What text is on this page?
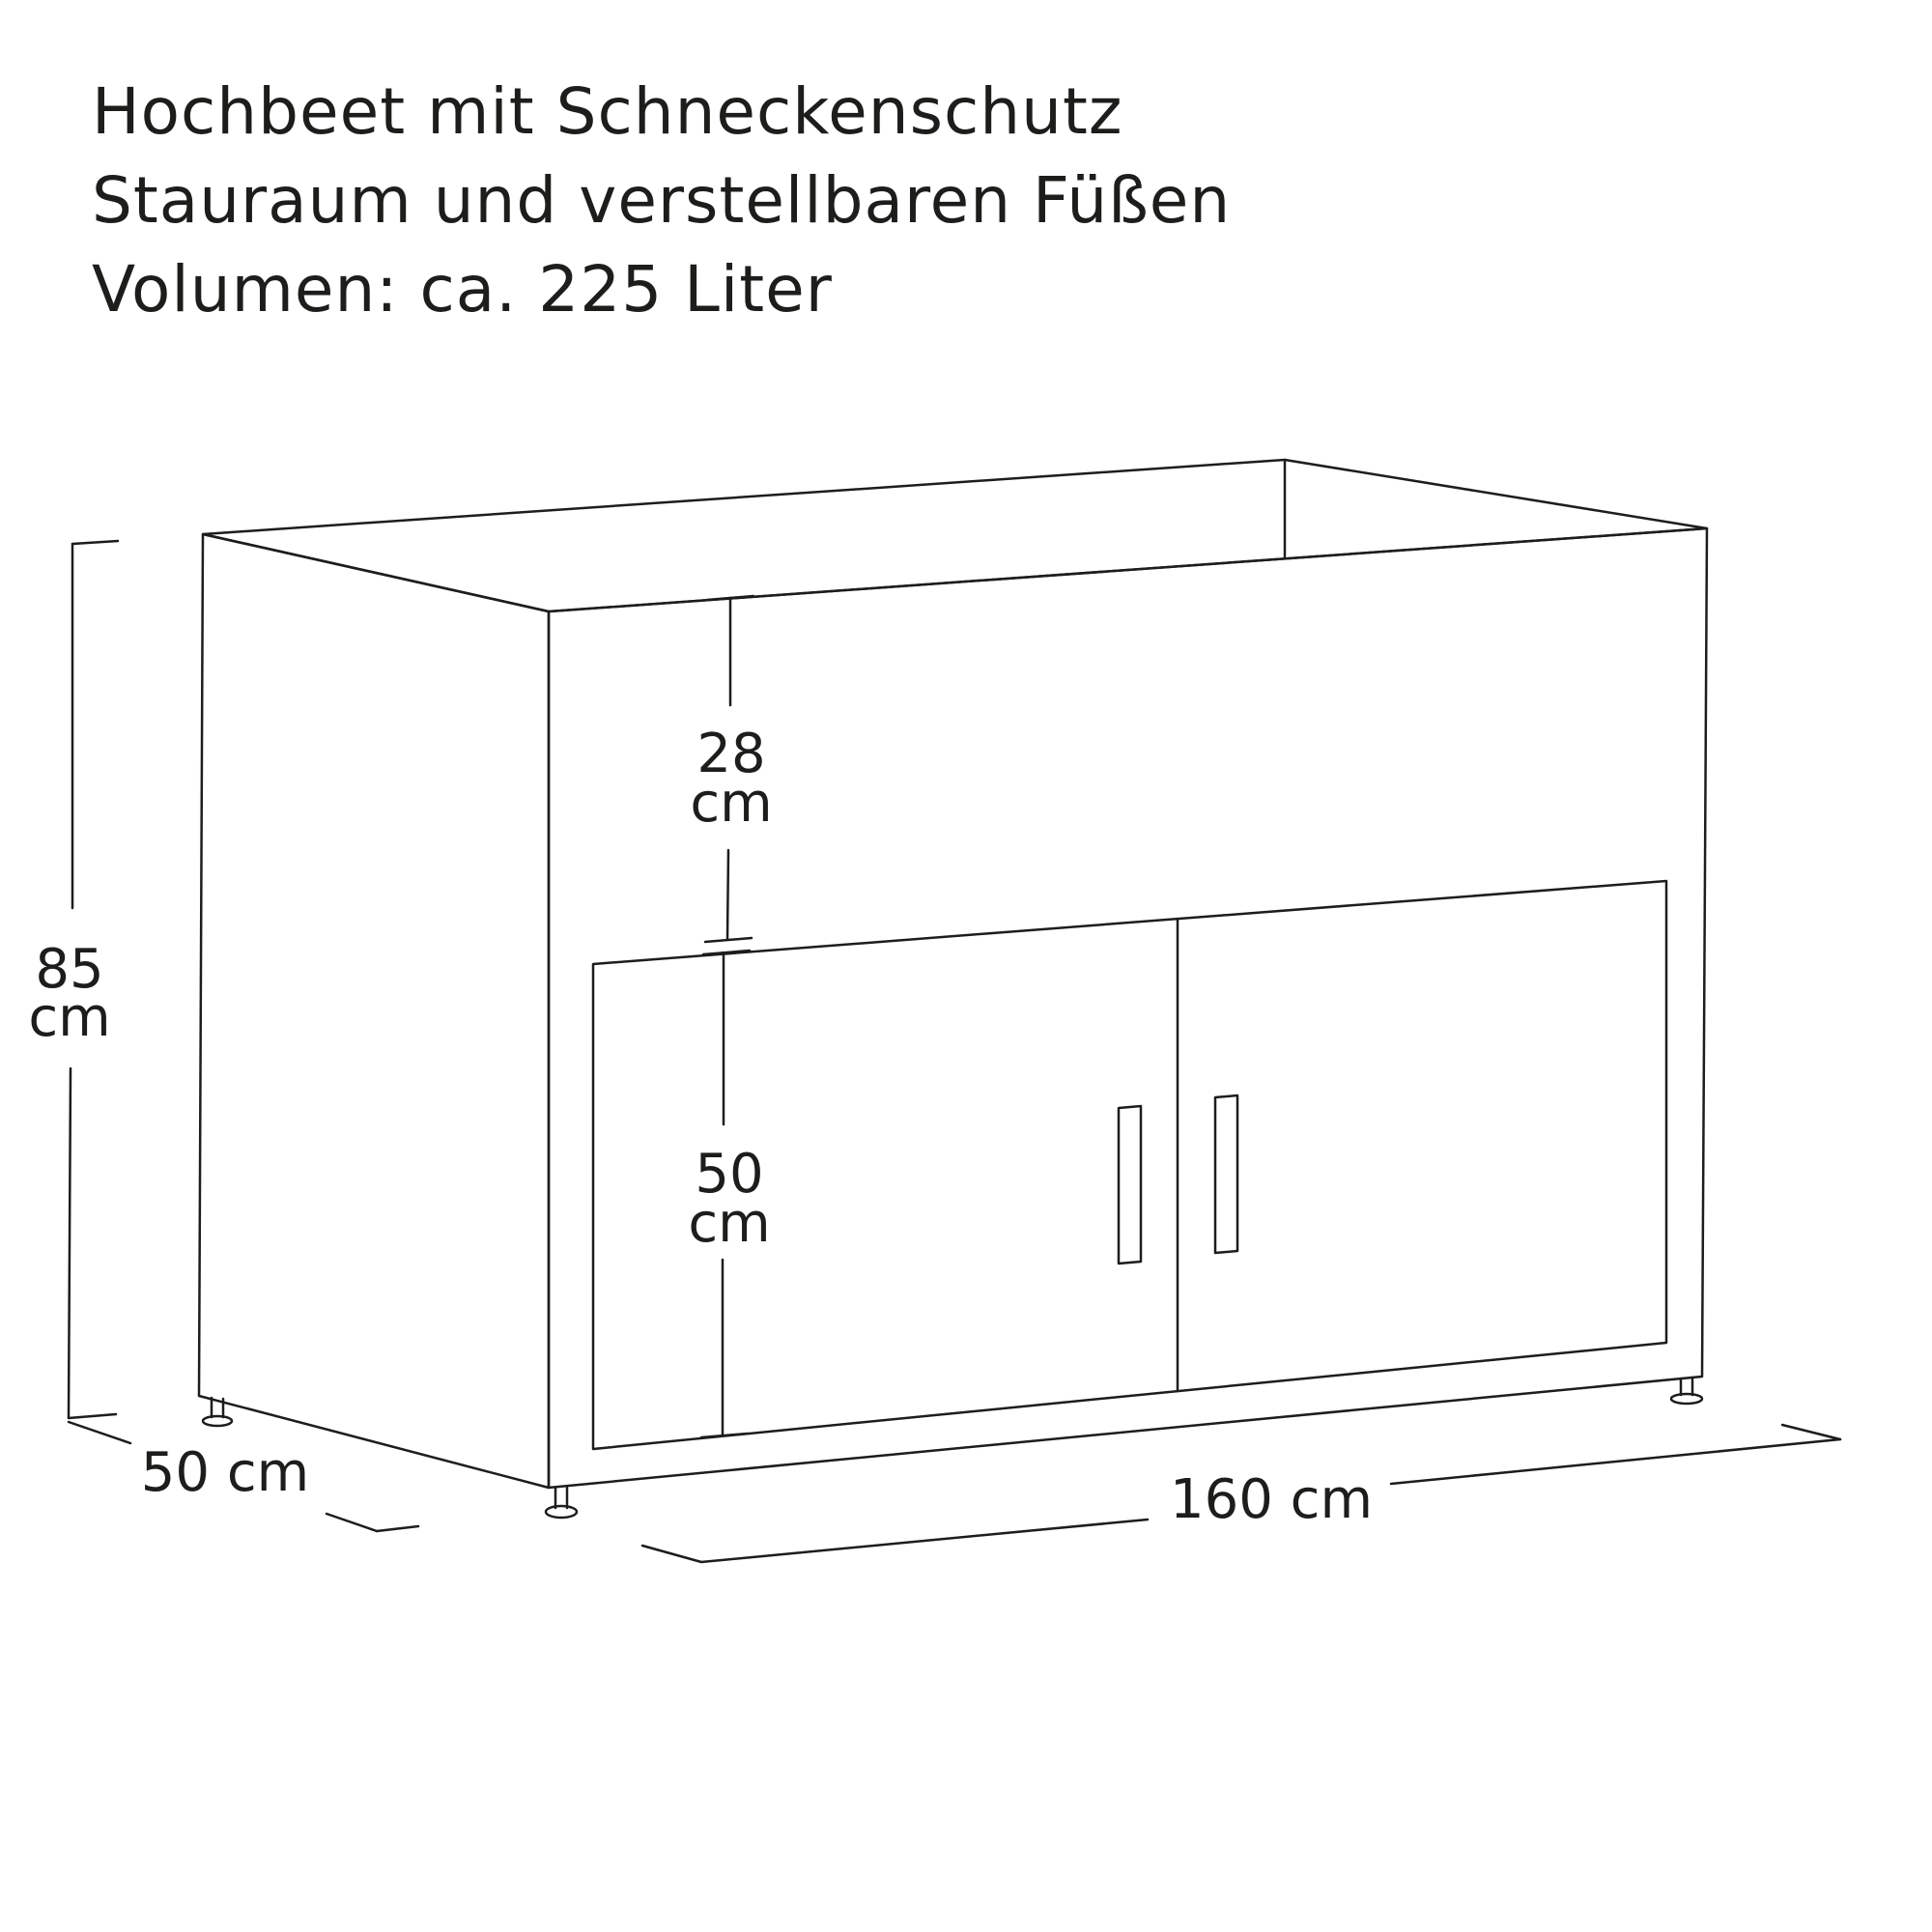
Hochbeet mit Schneckenschutz
Stauraum und verstellbaren Füßen
Volumen: ca. 225 Liter
85
cm
50 cm	160 cm
28
cm
50
cm
